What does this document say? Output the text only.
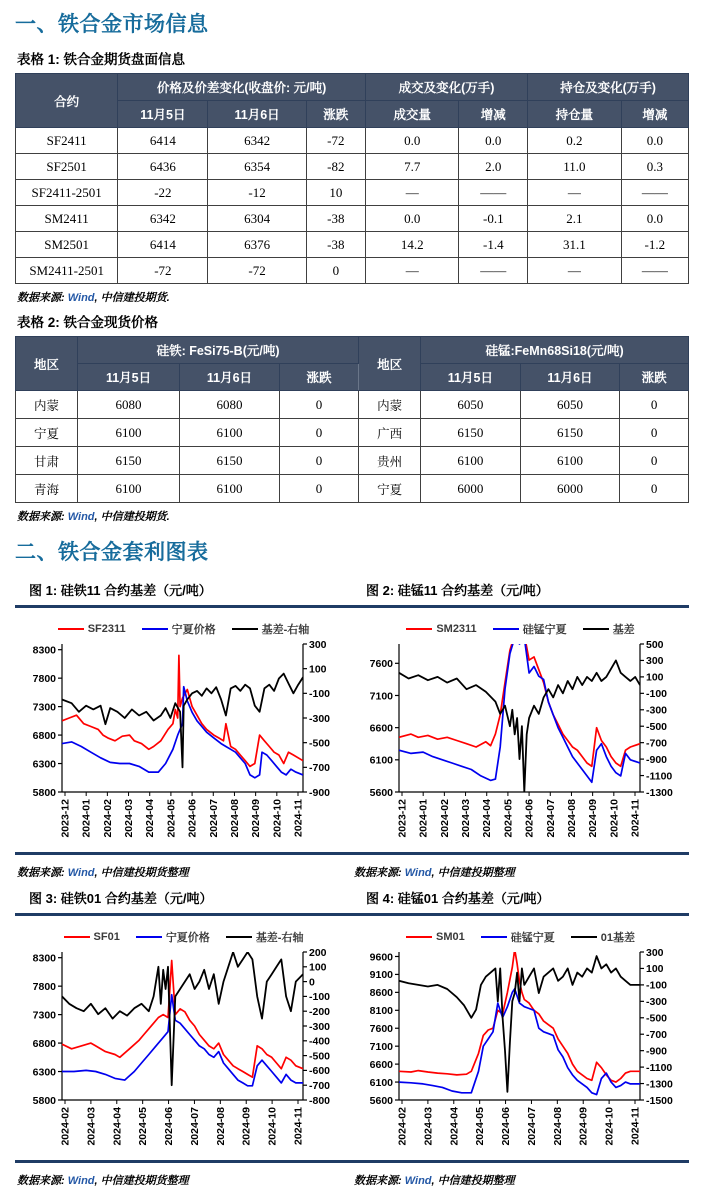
一、铁合金市场信息
表格 1: 铁合金期货盘面信息
合约	价格及价差变化(收盘价: 元/吨)			成交及变化(万手)		持仓及变化(万手)	
	11月5日	11月6日	涨跌	成交量	增减	持仓量	增减
SF2411	6414	6342	-72	0.0	0.0	0.2	0.0
SF2501	6436	6354	-82	7.7	2.0	11.0	0.3
SF2411-2501	-22	-12	10	—	——	—	——
SM2411	6342	6304	-38	0.0	-0.1	2.1	0.0
SM2501	6414	6376	-38	14.2	-1.4	31.1	-1.2
SM2411-2501	-72	-72	0	—	——	—	——
数据来源: Wind, 中信建投期货.
表格 2: 铁合金现货价格
地区	硅铁: FeSi75-B(元/吨)			地区	硅锰:FeMn68Si18(元/吨)		
	11月5日	11月6日	涨跌		11月5日	11月6日	涨跌
内蒙	6080	6080	0	内蒙	6050	6050	0
宁夏	6100	6100	0	广西	6150	6150	0
甘肃	6150	6150	0	贵州	6100	6100	0
青海	6100	6100	0	宁夏	6000	6000	0
数据来源: Wind, 中信建投期货.
二、铁合金套利图表
图 1: 硅铁11 合约基差（元/吨）	图 2: 硅锰11 合约基差（元/吨）
SF2311	宁夏价格	基差-右轴
8300
7800
7300
6800
6300
5800
300
100
-100
-300
-500
-700
-900
2023-12 2024-01 2024-02 2024-03 2024-04 2024-05 2024-06 2024-07 2024-08 2024-09 2024-10 2024-11
SM2311	硅锰宁夏	基差
7600
7100
6600
6100
5600
500
300
100
-100
-300
-500
-700
-900
-1100
-1300
2023-12 2024-01 2024-02 2024-03 2024-04 2024-05 2024-06 2024-07 2024-08 2024-09 2024-10 2024-11
数据来源: Wind, 中信建投期货整理	数据来源: Wind, 中信建投期整理
图 3: 硅铁01 合约基差（元/吨）	图 4: 硅锰01 合约基差（元/吨）
SF01	宁夏价格	基差-右轴
8300
7800
7300
6800
6300
5800
200
100
0
-100
-200
-300
-400
-500
-600
-700
-800
2024-02 2024-03 2024-04 2024-05 2024-06 2024-07 2024-08 2024-09 2024-10 2024-11
SM01	硅锰宁夏	01基差
9600
9100
8600
8100
7600
7100
6600
6100
5600
300
100
-100
-300
-500
-700
-900
-1100
-1300
-1500
2024-02 2024-03 2024-04 2024-05 2024-06 2024-07 2024-08 2024-09 2024-10 2024-11
数据来源: Wind, 中信建投期货整理	数据来源: Wind, 中信建投期整理
